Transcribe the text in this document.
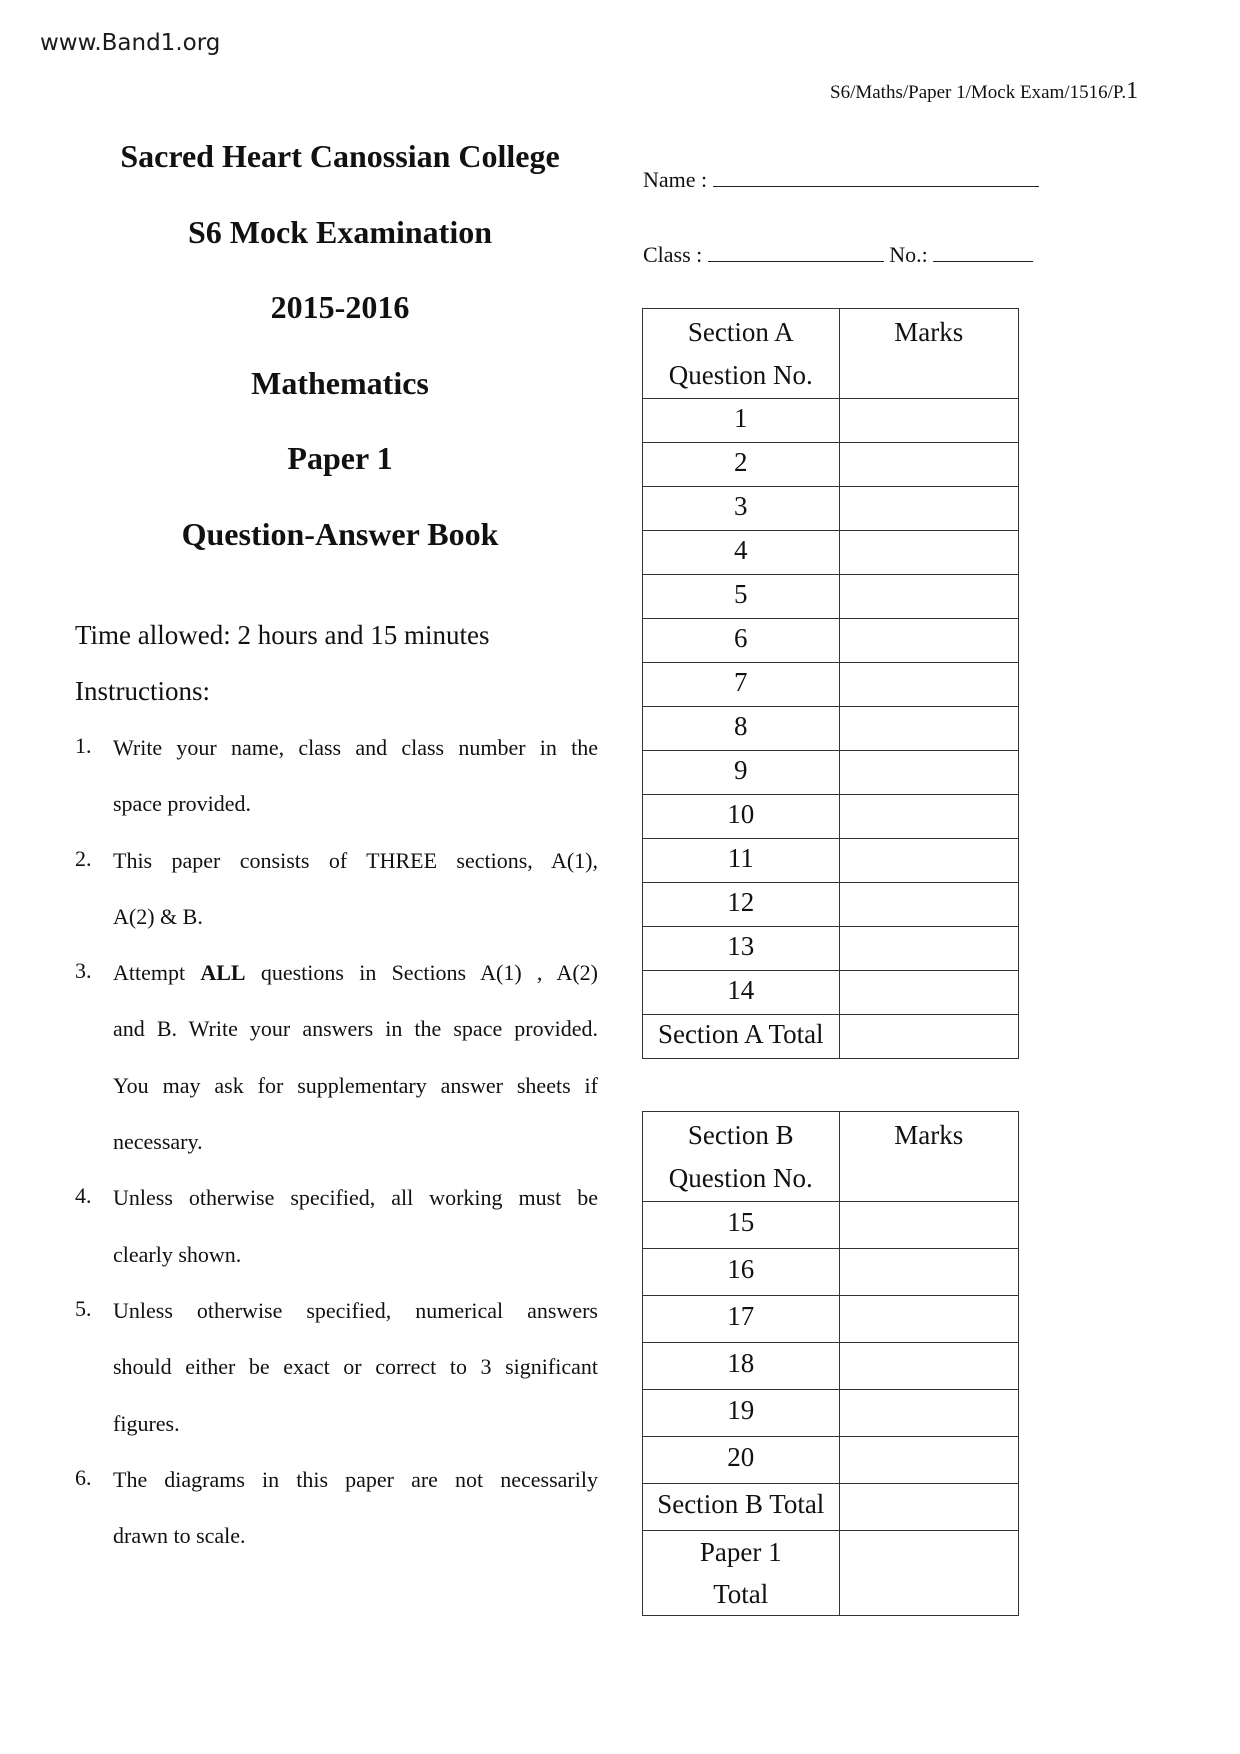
www.Band1.org
S6/Maths/Paper 1/Mock Exam/1516/P.1
Sacred Heart Canossian College
S6 Mock Examination
2015-2016
Mathematics
Paper 1
Question-Answer Book
Time allowed: 2 hours and 15 minutes
Instructions:
1. Write your name, class and class number in the
space provided.
2. This paper consists of THREE sections, A(1),
A(2) & B.
3. Attempt ALL questions in Sections A(1) , A(2)
and B. Write your answers in the space provided.
You may ask for supplementary answer sheets if
necessary.
4. Unless otherwise specified, all working must be
clearly shown.
5. Unless otherwise specified, numerical answers
should either be exact or correct to 3 significant
figures.
6. The diagrams in this paper are not necessarily
drawn to scale.
Name :
Class :	No.:
Section A
Question No.	Marks
1	
2	
3	
4	
5	
6	
7	
8	
9	
10	
11	
12	
13	
14	
Section A Total	
Section B
Question No.	Marks
15	
16	
17	
18	
19	
20	
Section B Total	

Paper 1
Total	
